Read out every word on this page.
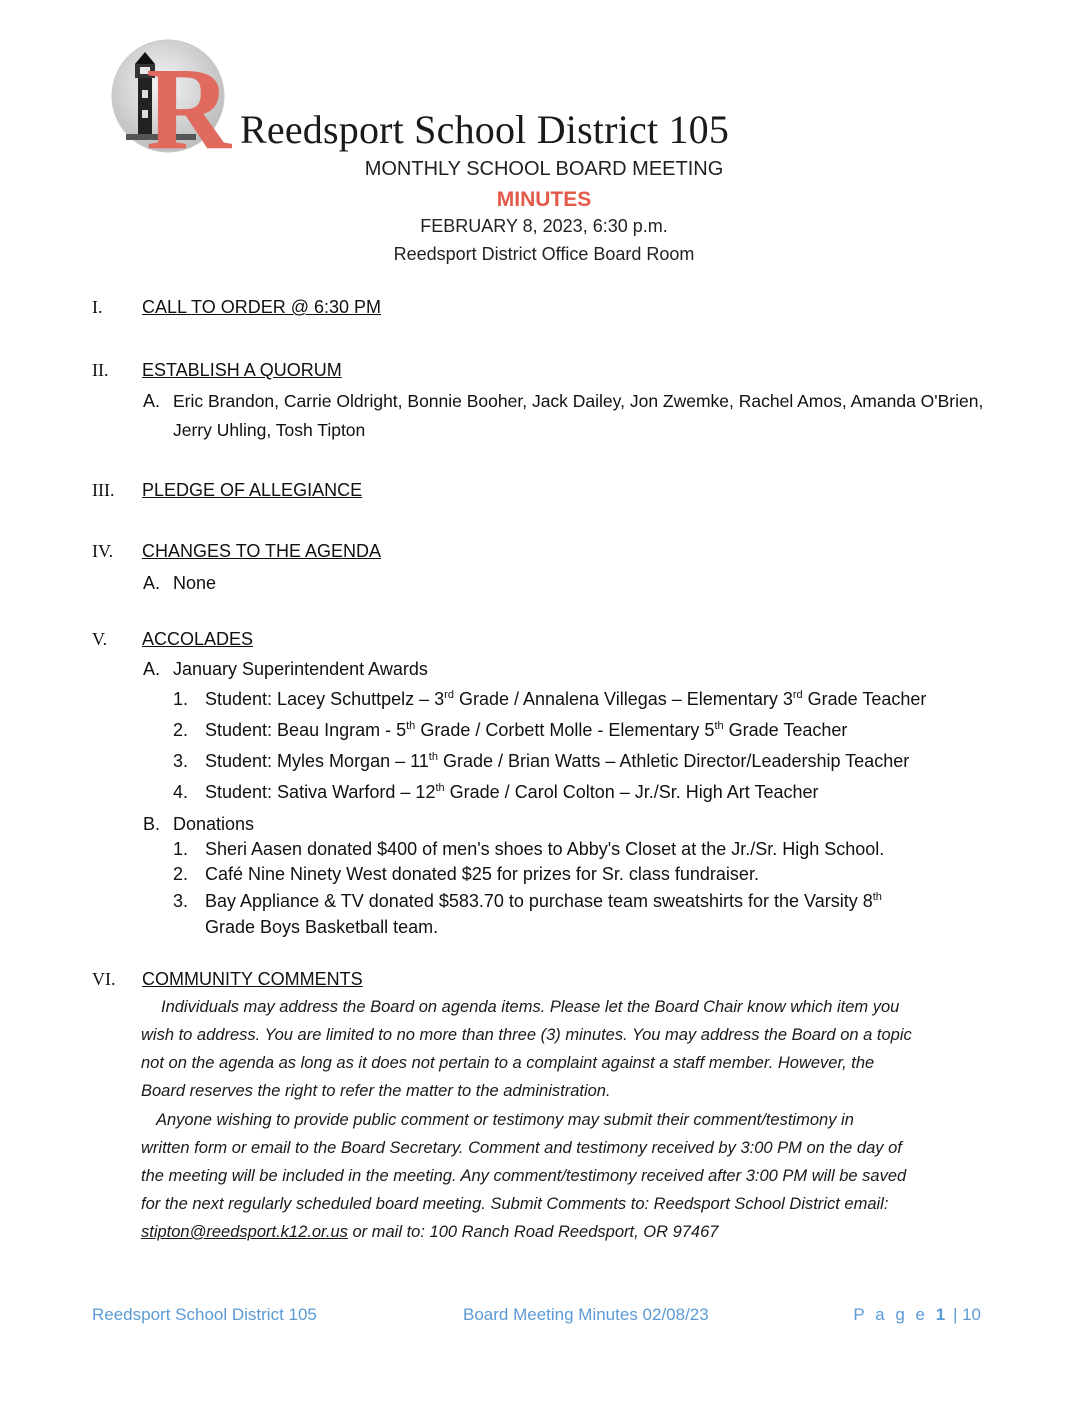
R Reedsport School District 105
MONTHLY SCHOOL BOARD MEETING
MINUTES
FEBRUARY 8, 2023, 6:30 p.m.
Reedsport District Office Board Room
I. CALL TO ORDER @ 6:30 PM
II. ESTABLISH A QUORUM
A. Eric Brandon, Carrie Oldright, Bonnie Booher, Jack Dailey, Jon Zwemke, Rachel Amos, Amanda O'Brien,
Jerry Uhling, Tosh Tipton
III. PLEDGE OF ALLEGIANCE
IV. CHANGES TO THE AGENDA
A. None
V. ACCOLADES
A. January Superintendent Awards
1. Student: Lacey Schuttpelz – 3rd Grade / Annalena Villegas – Elementary 3rd Grade Teacher
2. Student: Beau Ingram - 5th Grade / Corbett Molle - Elementary 5th Grade Teacher
3. Student: Myles Morgan – 11th Grade / Brian Watts – Athletic Director/Leadership Teacher
4. Student: Sativa Warford – 12th Grade / Carol Colton – Jr./Sr. High Art Teacher
B. Donations
1. Sheri Aasen donated $400 of men's shoes to Abby's Closet at the Jr./Sr. High School.
2. Café Nine Ninety West donated $25 for prizes for Sr. class fundraiser.
3. Bay Appliance & TV donated $583.70 to purchase team sweatshirts for the Varsity 8th
Grade Boys Basketball team.
VI. COMMUNITY COMMENTS
Individuals may address the Board on agenda items. Please let the Board Chair know which item you
wish to address. You are limited to no more than three (3) minutes. You may address the Board on a topic
not on the agenda as long as it does not pertain to a complaint against a staff member. However, the
Board reserves the right to refer the matter to the administration.
Anyone wishing to provide public comment or testimony may submit their comment/testimony in
written form or email to the Board Secretary. Comment and testimony received by 3:00 PM on the day of
the meeting will be included in the meeting. Any comment/testimony received after 3:00 PM will be saved
for the next regularly scheduled board meeting. Submit Comments to: Reedsport School District email:
stipton@reedsport.k12.or.us or mail to: 100 Ranch Road Reedsport, OR 97467
Reedsport School District 105	Board Meeting Minutes 02/08/23	P a g e 1 | 10
